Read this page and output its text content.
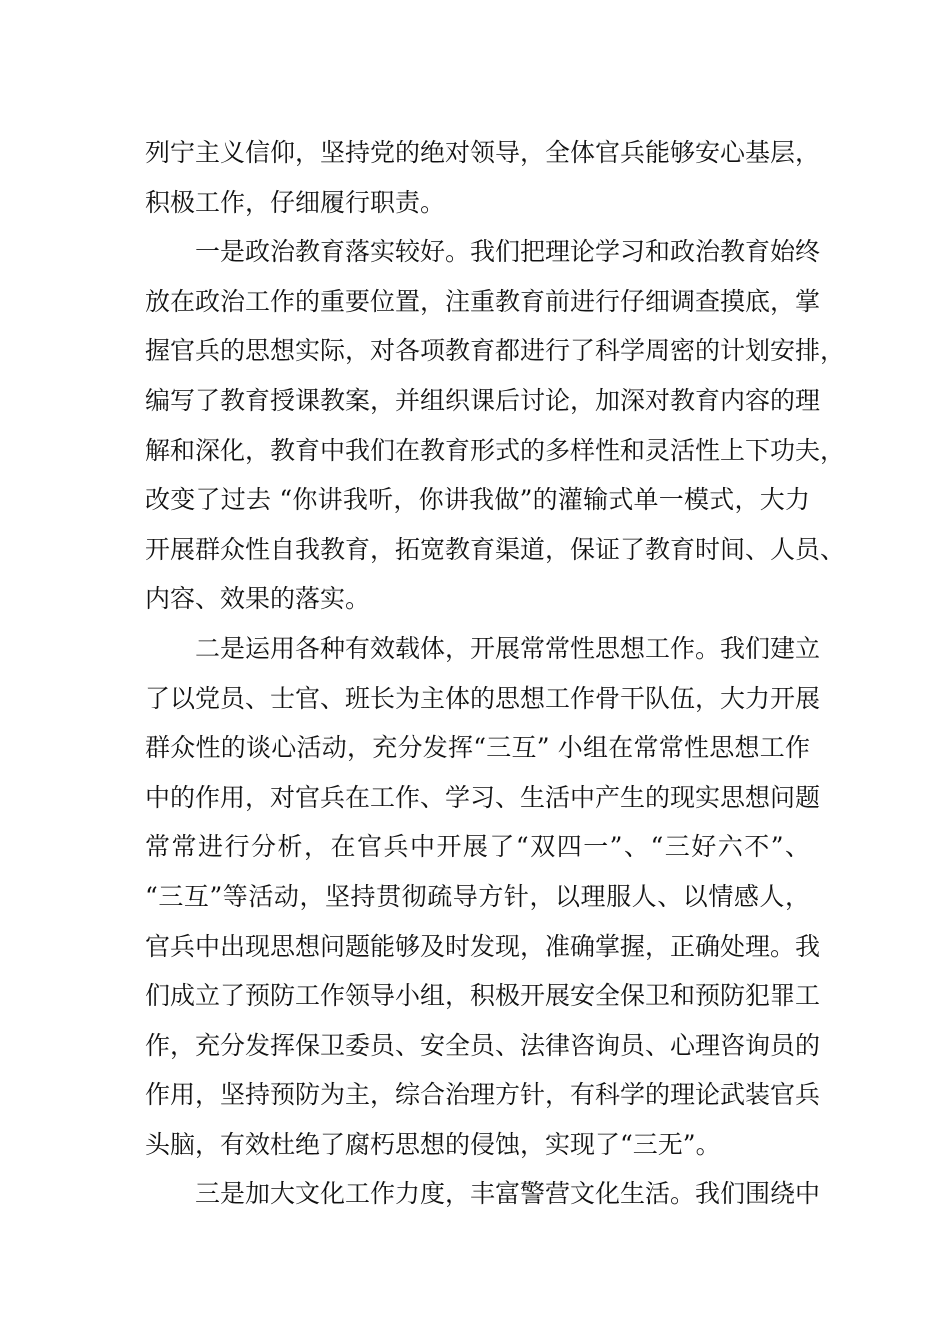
列宁主义信仰，坚持党的绝对领导，全体官兵能够安心基层，
积极工作，仔细履行职责。
一是政治教育落实较好。我们把理论学习和政治教育始终
放在政治工作的重要位置，注重教育前进行仔细调查摸底，掌
握官兵的思想实际，对各项教育都进行了科学周密的计划安排，
编写了教育授课教案，并组织课后讨论，加深对教育内容的理
解和深化，教育中我们在教育形式的多样性和灵活性上下功夫，
改变了过去 “你讲我听，你讲我做”的灌输式单一模式，大力
开展群众性自我教育，拓宽教育渠道，保证了教育时间、人员、
内容、效果的落实。
二是运用各种有效载体，开展常常性思想工作。我们建立
了以党员、士官、班长为主体的思想工作骨干队伍，大力开展
群众性的谈心活动，充分发挥“三互” 小组在常常性思想工作
中的作用，对官兵在工作、学习、生活中产生的现实思想问题
常常进行分析，在官兵中开展了“双四一”、“三好六不”、
“三互”等活动，坚持贯彻疏导方针，以理服人、以情感人，
官兵中出现思想问题能够及时发现，准确掌握，正确处理。我
们成立了预防工作领导小组，积极开展安全保卫和预防犯罪工
作，充分发挥保卫委员、安全员、法律咨询员、心理咨询员的
作用，坚持预防为主，综合治理方针，有科学的理论武装官兵
头脑，有效杜绝了腐朽思想的侵蚀，实现了“三无”。
三是加大文化工作力度，丰富警营文化生活。我们围绕中
